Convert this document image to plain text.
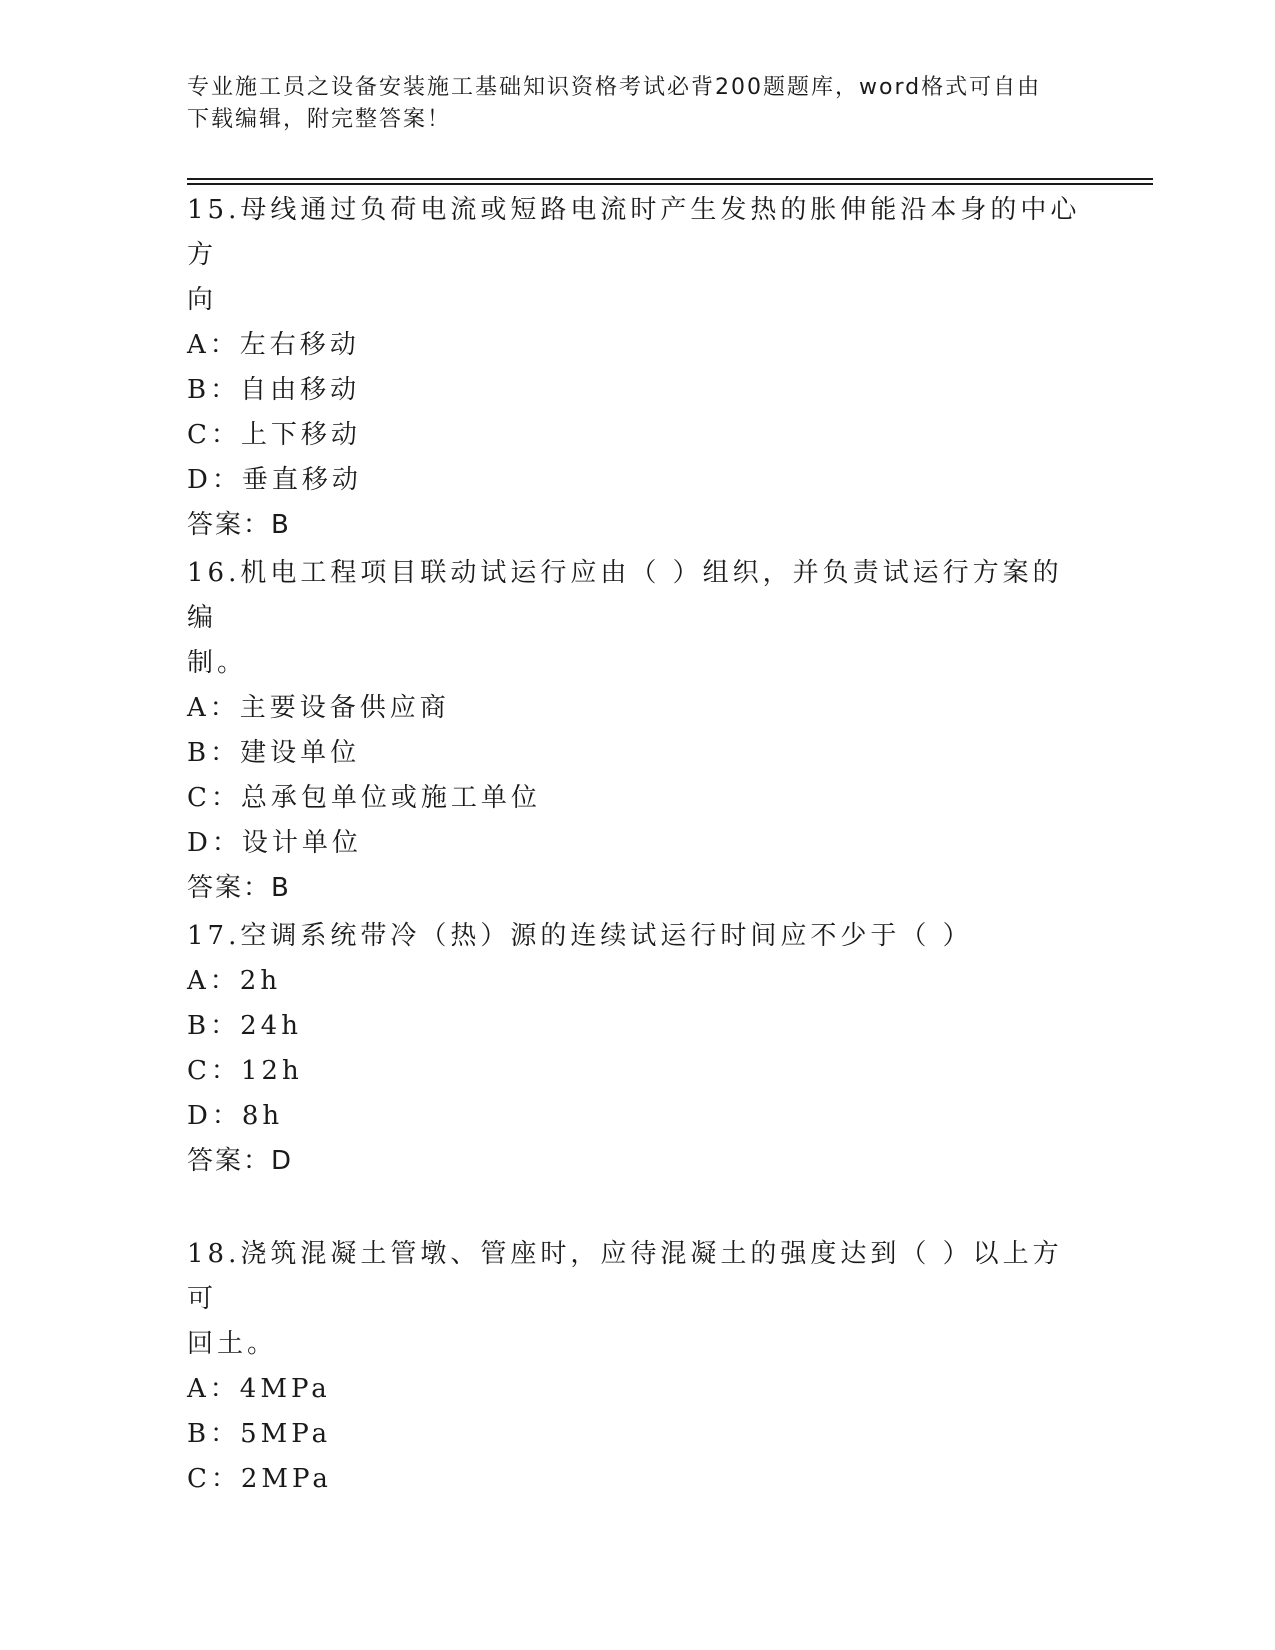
专业施工员之设备安装施工基础知识资格考试必背200题题库，word格式可自由
下载编辑，附完整答案！

15.母线通过负荷电流或短路电流时产生发热的胀伸能沿本身的中心方

向

A：左右移动

B：自由移动

C：上下移动

D：垂直移动

答案：B

16.机电工程项目联动试运行应由（ ）组织，并负责试运行方案的编

制。

A：主要设备供应商

B：建设单位

C：总承包单位或施工单位

D：设计单位

答案：B

17.空调系统带冷（热）源的连续试运行时间应不少于（ ）

A：2h

B：24h

C：12h

D：8h

答案：D

18.浇筑混凝土管墩、管座时，应待混凝土的强度达到（ ）以上方可

回土。

A：4MPa

B：5MPa

C：2MPa
